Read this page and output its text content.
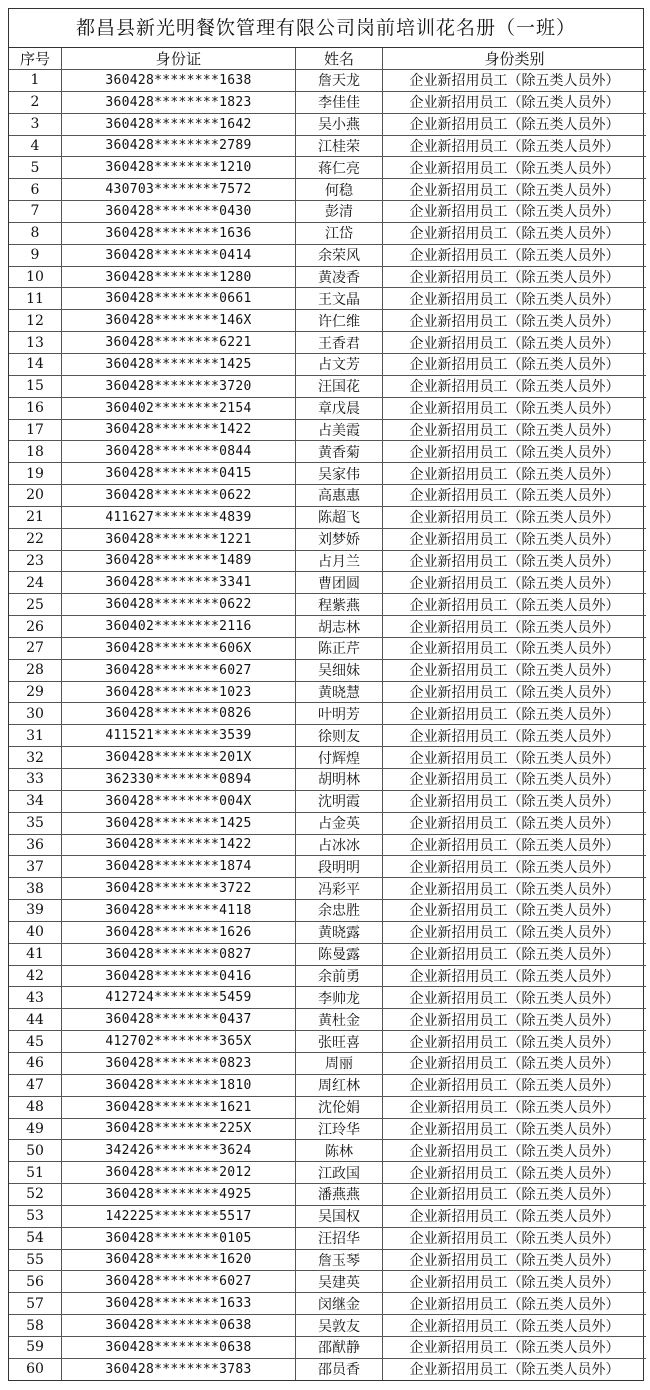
都昌县新光明餐饮管理有限公司岗前培训花名册（一班）
序号	身份证	姓名	身份类别
1	360428********1638	詹天龙	企业新招用员工（除五类人员外）
2	360428********1823	李佳佳	企业新招用员工（除五类人员外）
3	360428********1642	吴小燕	企业新招用员工（除五类人员外）
4	360428********2789	江桂荣	企业新招用员工（除五类人员外）
5	360428********1210	蒋仁亮	企业新招用员工（除五类人员外）
6	430703********7572	何稳	企业新招用员工（除五类人员外）
7	360428********0430	彭清	企业新招用员工（除五类人员外）
8	360428********1636	江岱	企业新招用员工（除五类人员外）
9	360428********0414	余荣风	企业新招用员工（除五类人员外）
10	360428********1280	黄凌香	企业新招用员工（除五类人员外）
11	360428********0661	王文晶	企业新招用员工（除五类人员外）
12	360428********146X	许仁维	企业新招用员工（除五类人员外）
13	360428********6221	王香君	企业新招用员工（除五类人员外）
14	360428********1425	占文芳	企业新招用员工（除五类人员外）
15	360428********3720	汪国花	企业新招用员工（除五类人员外）
16	360402********2154	章戊晨	企业新招用员工（除五类人员外）
17	360428********1422	占美霞	企业新招用员工（除五类人员外）
18	360428********0844	黄香菊	企业新招用员工（除五类人员外）
19	360428********0415	吴家伟	企业新招用员工（除五类人员外）
20	360428********0622	高惠惠	企业新招用员工（除五类人员外）
21	411627********4839	陈超飞	企业新招用员工（除五类人员外）
22	360428********1221	刘梦娇	企业新招用员工（除五类人员外）
23	360428********1489	占月兰	企业新招用员工（除五类人员外）
24	360428********3341	曹团圆	企业新招用员工（除五类人员外）
25	360428********0622	程紫燕	企业新招用员工（除五类人员外）
26	360402********2116	胡志林	企业新招用员工（除五类人员外）
27	360428********606X	陈正芹	企业新招用员工（除五类人员外）
28	360428********6027	吴细妹	企业新招用员工（除五类人员外）
29	360428********1023	黄晓慧	企业新招用员工（除五类人员外）
30	360428********0826	叶明芳	企业新招用员工（除五类人员外）
31	411521********3539	徐则友	企业新招用员工（除五类人员外）
32	360428********201X	付辉煌	企业新招用员工（除五类人员外）
33	362330********0894	胡明林	企业新招用员工（除五类人员外）
34	360428********004X	沈明霞	企业新招用员工（除五类人员外）
35	360428********1425	占金英	企业新招用员工（除五类人员外）
36	360428********1422	占冰冰	企业新招用员工（除五类人员外）
37	360428********1874	段明明	企业新招用员工（除五类人员外）
38	360428********3722	冯彩平	企业新招用员工（除五类人员外）
39	360428********4118	余忠胜	企业新招用员工（除五类人员外）
40	360428********1626	黄晓露	企业新招用员工（除五类人员外）
41	360428********0827	陈曼露	企业新招用员工（除五类人员外）
42	360428********0416	余前勇	企业新招用员工（除五类人员外）
43	412724********5459	李帅龙	企业新招用员工（除五类人员外）
44	360428********0437	黄杜金	企业新招用员工（除五类人员外）
45	412702********365X	张旺喜	企业新招用员工（除五类人员外）
46	360428********0823	周丽	企业新招用员工（除五类人员外）
47	360428********1810	周红林	企业新招用员工（除五类人员外）
48	360428********1621	沈伦娟	企业新招用员工（除五类人员外）
49	360428********225X	江玲华	企业新招用员工（除五类人员外）
50	342426********3624	陈林	企业新招用员工（除五类人员外）
51	360428********2012	江政国	企业新招用员工（除五类人员外）
52	360428********4925	潘燕燕	企业新招用员工（除五类人员外）
53	142225********5517	吴国权	企业新招用员工（除五类人员外）
54	360428********0105	汪招华	企业新招用员工（除五类人员外）
55	360428********1620	詹玉琴	企业新招用员工（除五类人员外）
56	360428********6027	吴建英	企业新招用员工（除五类人员外）
57	360428********1633	闵继金	企业新招用员工（除五类人员外）
58	360428********0638	吴敦友	企业新招用员工（除五类人员外）
59	360428********0638	邵猷静	企业新招用员工（除五类人员外）
60	360428********3783	邵员香	企业新招用员工（除五类人员外）
